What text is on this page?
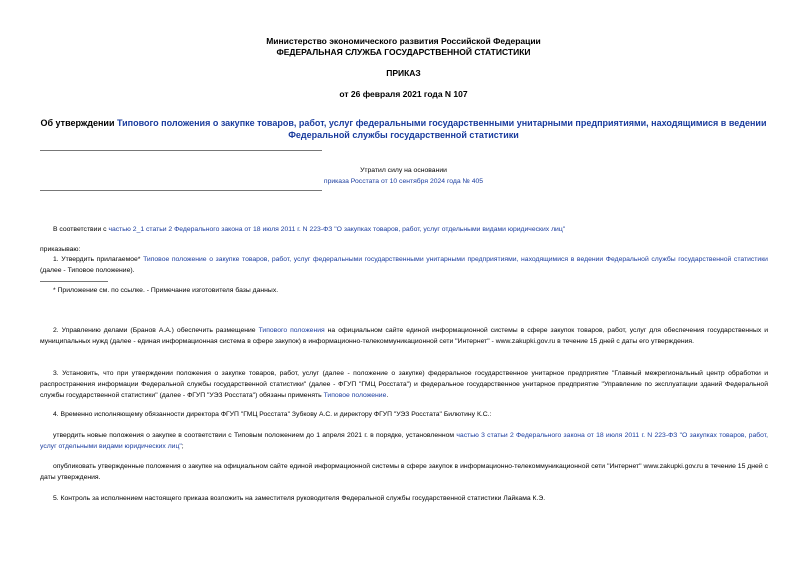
Министерство экономического развития Российской Федерации
ФЕДЕРАЛЬНАЯ СЛУЖБА ГОСУДАРСТВЕННОЙ СТАТИСТИКИ
ПРИКАЗ
от 26 февраля 2021 года N 107
Об утверждении Типового положения о закупке товаров, работ, услуг федеральными государственными унитарными предприятиями, находящимися в ведении Федеральной службы государственной статистики
Утратил силу на основании
приказа Росстата от 10 сентября 2024 года № 405
В соответствии с частью 2_1 статьи 2 Федерального закона от 18 июля 2011 г. N 223-ФЗ "О закупках товаров, работ, услуг отдельными видами юридических лиц"
приказываю:
1. Утвердить прилагаемое* Типовое положение о закупке товаров, работ, услуг федеральными государственными унитарными предприятиями, находящимися в ведении Федеральной службы государственной статистики (далее - Типовое положение).
* Приложение см. по ссылке. - Примечание изготовителя базы данных.
2. Управлению делами (Бранов А.А.) обеспечить размещение Типового положения на официальном сайте единой информационной системы в сфере закупок товаров, работ, услуг для обеспечения государственных и муниципальных нужд (далее - единая информационная система в сфере закупок) в информационно-телекоммуникационной сети "Интернет" - www.zakupki.gov.ru в течение 15 дней с даты его утверждения.
3. Установить, что при утверждении положения о закупке товаров, работ, услуг (далее - положение о закупке) федеральное государственное унитарное предприятие "Главный межрегиональный центр обработки и распространения информации Федеральной службы государственной статистики" (далее - ФГУП "ГМЦ Росстата") и федеральное государственное унитарное предприятие "Управление по эксплуатации зданий Федеральной службы государственной статистики" (далее - ФГУП "УЭЗ Росстата") обязаны применять Типовое положение.
4. Временно исполняющему обязанности директора ФГУП "ГМЦ Росстата" Зубкову А.С. и директору ФГУП "УЭЗ Росстата" Билютину К.С.:
утвердить новые положения о закупке в соответствии с Типовым положением до 1 апреля 2021 г. в порядке, установленном частью 3 статьи 2 Федерального закона от 18 июля 2011 г. N 223-ФЗ "О закупках товаров, работ, услуг отдельными видами юридических лиц";
опубликовать утвержденные положения о закупке на официальном сайте единой информационной системы в сфере закупок в информационно-телекоммуникационной сети "Интернет" www.zakupki.gov.ru в течение 15 дней с даты утверждения.
5. Контроль за исполнением настоящего приказа возложить на заместителя руководителя Федеральной службы государственной статистики Лайкама К.Э.
